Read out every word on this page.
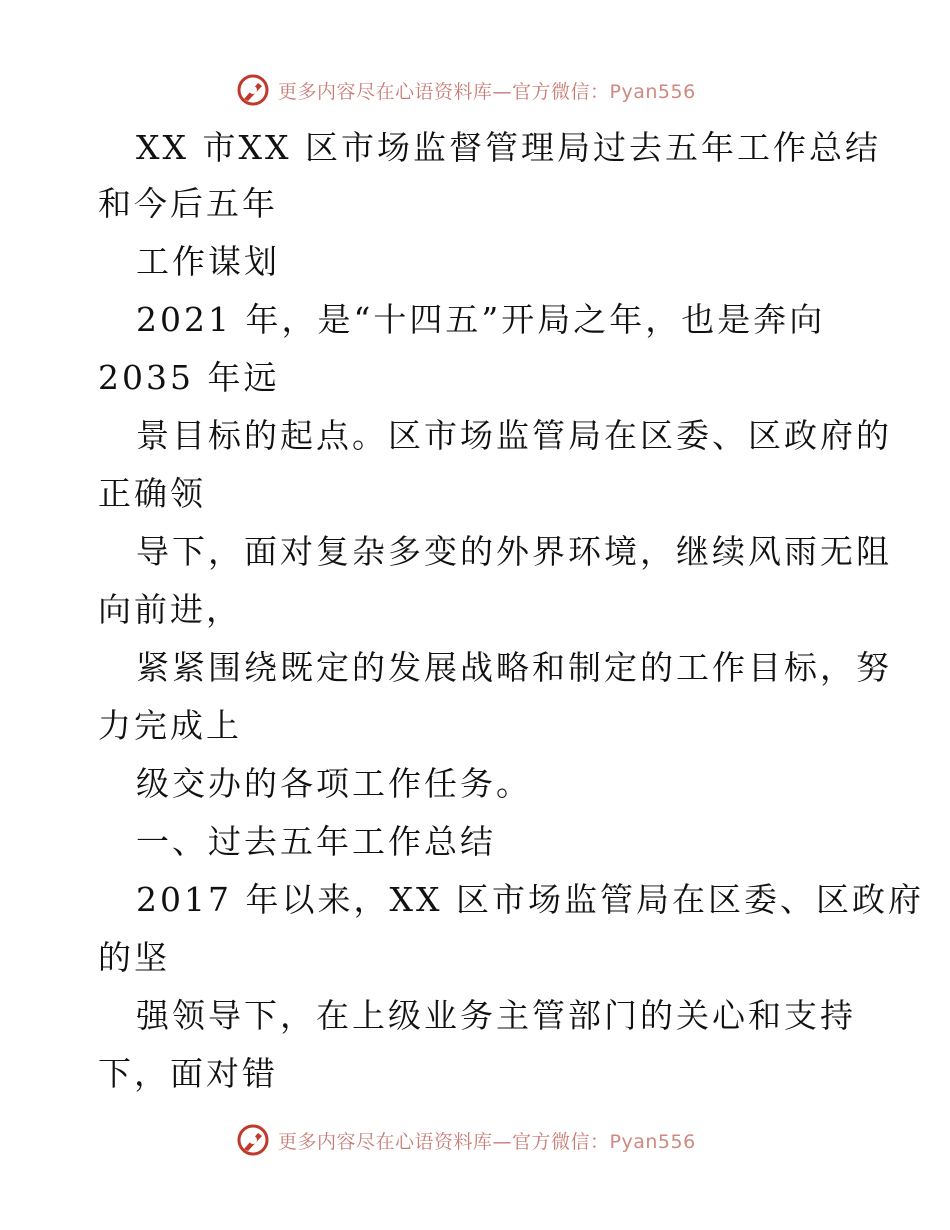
更多内容尽在心语资料库—官方微信：Pyan556
XX 市XX 区市场监督管理局过去五年工作总结
和今后五年
工作谋划
2021 年，是“十四五”开局之年，也是奔向
2035 年远
景目标的起点。区市场监管局在区委、区政府的
正确领
导下，面对复杂多变的外界环境，继续风雨无阻
向前进，
紧紧围绕既定的发展战略和制定的工作目标，努
力完成上
级交办的各项工作任务。
一、过去五年工作总结
2017 年以来，XX 区市场监管局在区委、区政府
的坚
强领导下，在上级业务主管部门的关心和支持
下，面对错
更多内容尽在心语资料库—官方微信：Pyan556
